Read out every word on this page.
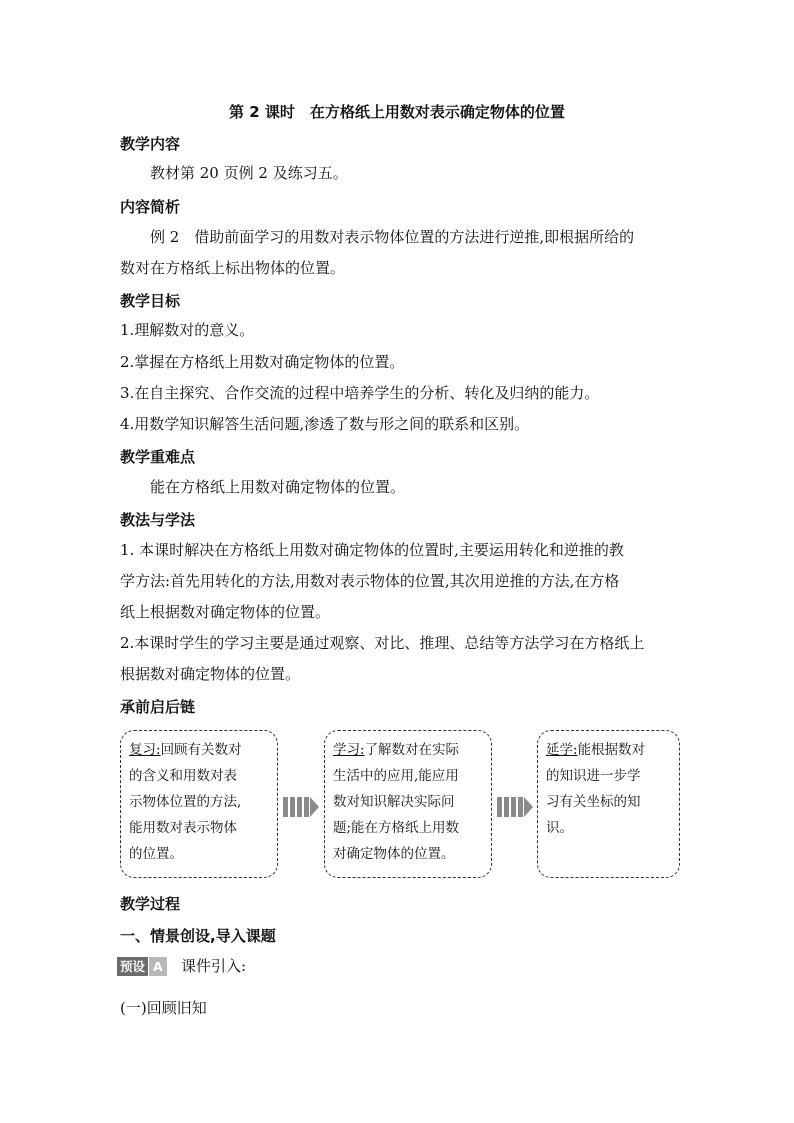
第 2 课时　在方格纸上用数对表示确定物体的位置
教学内容
教材第 20 页例 2 及练习五。
内容简析
例 2　借助前面学习的用数对表示物体位置的方法进行逆推,即根据所给的
数对在方格纸上标出物体的位置。
教学目标
1.理解数对的意义。
2.掌握在方格纸上用数对确定物体的位置。
3.在自主探究、合作交流的过程中培养学生的分析、转化及归纳的能力。
4.用数学知识解答生活问题,渗透了数与形之间的联系和区别。
教学重难点
能在方格纸上用数对确定物体的位置。
教法与学法
1. 本课时解决在方格纸上用数对确定物体的位置时,主要运用转化和逆推的教
学方法:首先用转化的方法,用数对表示物体的位置,其次用逆推的方法,在方格
纸上根据数对确定物体的位置。
2.本课时学生的学习主要是通过观察、对比、推理、总结等方法学习在方格纸上
根据数对确定物体的位置。
承前启后链
复习:回顾有关数对
的含义和用数对表
示物体位置的方法,
能用数对表示物体
的位置。
学习:了解数对在实际
生活中的应用,能应用
数对知识解决实际问
题;能在方格纸上用数
对确定物体的位置。
延学:能根据数对
的知识进一步学
习有关坐标的知
识。
教学过程
一、情景创设,导入课题
预设 A 课件引入:
(一)回顾旧知
